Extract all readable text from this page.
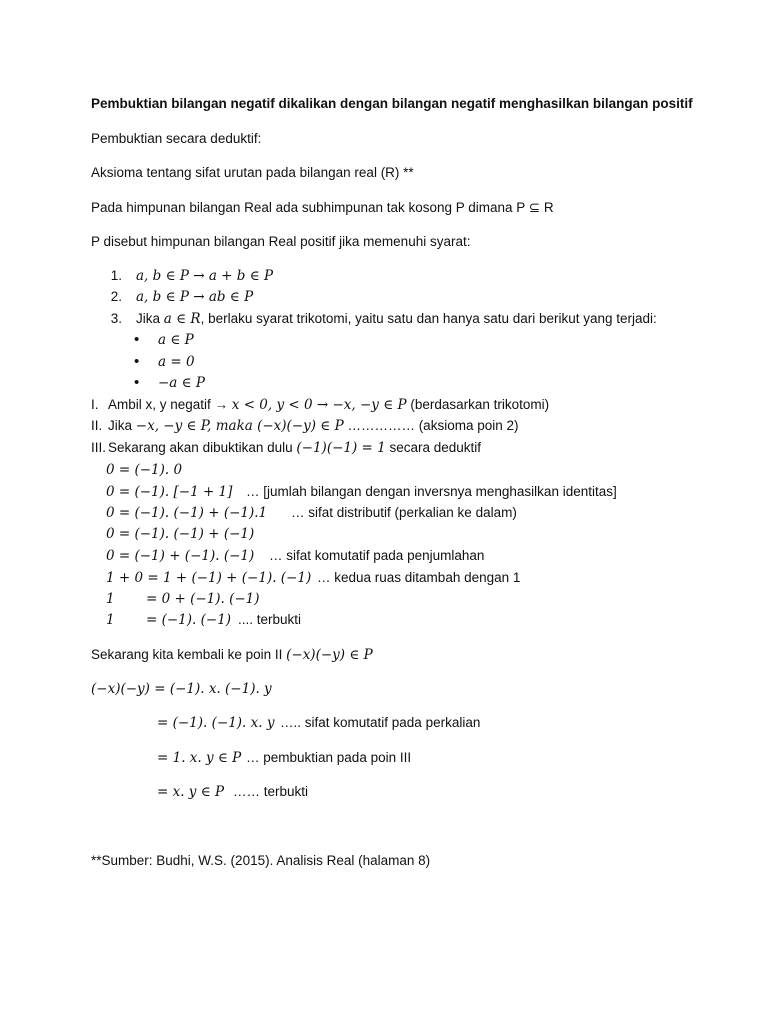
Pembuktian bilangan negatif dikalikan dengan bilangan negatif menghasilkan bilangan positif
Pembuktian secara deduktif:
Aksioma tentang sifat urutan pada bilangan real (R) **
Pada himpunan bilangan Real ada subhimpunan tak kosong P dimana P ⊆ R
P disebut himpunan bilangan Real positif jika memenuhi syarat:
1. a, b ∈ P → a + b ∈ P
2. a, b ∈ P → ab ∈ P
3. Jika a ∈ R, berlaku syarat trikotomi, yaitu satu dan hanya satu dari berikut yang terjadi:
• a ∈ P
• a = 0
• −a ∈ P
I. Ambil x, y negatif → x < 0, y < 0 → −x, −y ∈ P (berdasarkan trikotomi)
II. Jika −x, −y ∈ P, maka (−x)(−y) ∈ P …………… (aksioma poin 2)
III. Sekarang akan dibuktikan dulu (−1)(−1) = 1 secara deduktif
0 = (−1). 0
0 = (−1). [−1 + 1] … [jumlah bilangan dengan inversnya menghasilkan identitas]
0 = (−1). (−1) + (−1).1 … sifat distributif (perkalian ke dalam)
0 = (−1). (−1) + (−1)
0 = (−1) + (−1). (−1) … sifat komutatif pada penjumlahan
1 + 0 = 1 + (−1) + (−1). (−1) … kedua ruas ditambah dengan 1
1 = 0 + (−1). (−1)
1 = (−1). (−1) .... terbukti
Sekarang kita kembali ke poin II (−x)(−y) ∈ P
(−x)(−y) = (−1). x. (−1). y
= (−1). (−1). x. y ….. sifat komutatif pada perkalian
= 1. x. y ∈ P … pembuktian pada poin III
= x. y ∈ P …… terbukti
**Sumber: Budhi, W.S. (2015). Analisis Real (halaman 8)
